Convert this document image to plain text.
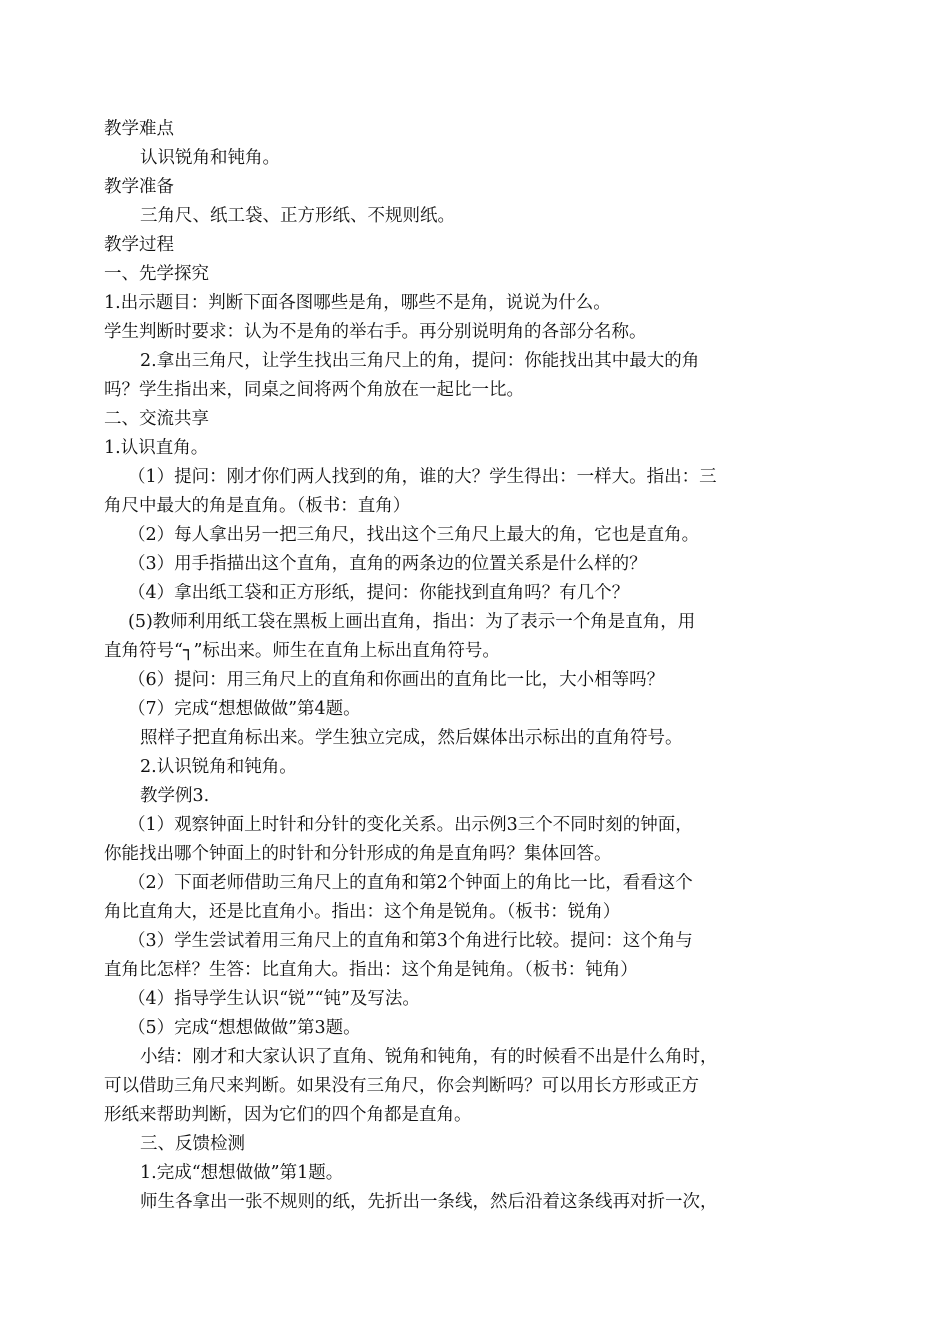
教学难点
认识锐角和钝角。
教学准备
三角尺、纸工袋、正方形纸、不规则纸。
教学过程
一、先学探究
1.出示题目：判断下面各图哪些是角，哪些不是角，说说为什么。
学生判断时要求：认为不是角的举右手。再分别说明角的各部分名称。
2.拿出三角尺，让学生找出三角尺上的角，提问：你能找出其中最大的角
吗？学生指出来，同桌之间将两个角放在一起比一比。
二、交流共享
1.认识直角。
（1）提问：刚才你们两人找到的角，谁的大？学生得出：一样大。指出：三
角尺中最大的角是直角。（板书：直角）
（2）每人拿出另一把三角尺，找出这个三角尺上最大的角，它也是直角。
（3）用手指描出这个直角，直角的两条边的位置关系是什么样的？
（4）拿出纸工袋和正方形纸，提问：你能找到直角吗？有几个？
(5)教师利用纸工袋在黑板上画出直角，指出：为了表示一个角是直角，用
直角符号“┐”标出来。师生在直角上标出直角符号。
（6）提问：用三角尺上的直角和你画出的直角比一比，大小相等吗？
（7）完成“想想做做”第4题。
照样子把直角标出来。学生独立完成，然后媒体出示标出的直角符号。
2.认识锐角和钝角。
教学例3.
（1）观察钟面上时针和分针的变化关系。出示例3三个不同时刻的钟面，
你能找出哪个钟面上的时针和分针形成的角是直角吗？集体回答。
（2）下面老师借助三角尺上的直角和第2个钟面上的角比一比，看看这个
角比直角大，还是比直角小。指出：这个角是锐角。（板书：锐角）
（3）学生尝试着用三角尺上的直角和第3个角进行比较。提问：这个角与
直角比怎样？生答：比直角大。指出：这个角是钝角。（板书：钝角）
（4）指导学生认识“锐”“钝”及写法。
（5）完成“想想做做”第3题。
小结：刚才和大家认识了直角、锐角和钝角，有的时候看不出是什么角时，
可以借助三角尺来判断。如果没有三角尺，你会判断吗？可以用长方形或正方
形纸来帮助判断，因为它们的四个角都是直角。
三、反馈检测
1.完成“想想做做”第1题。
师生各拿出一张不规则的纸，先折出一条线，然后沿着这条线再对折一次，
